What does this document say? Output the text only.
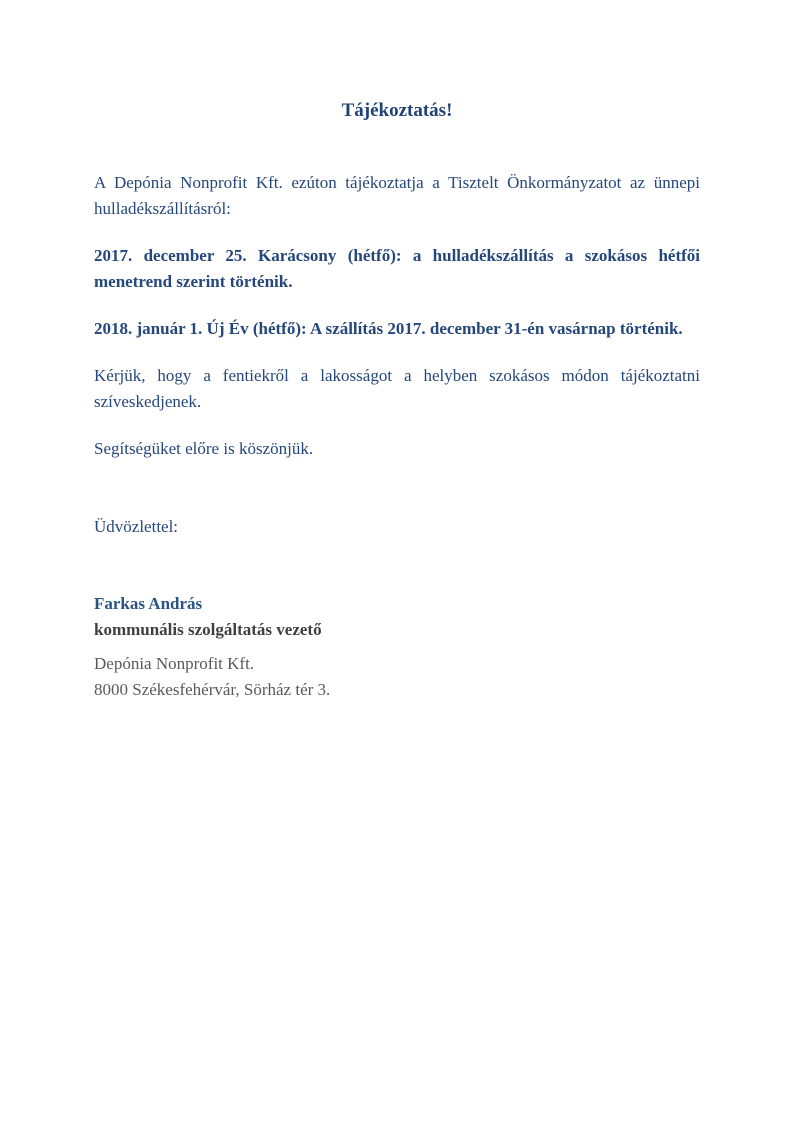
Tájékoztatás!

A Depónia Nonprofit Kft. ezúton tájékoztatja a Tisztelt Önkormányzatot az ünnepi hulladékszállításról:

2017. december 25. Karácsony (hétfő): a hulladékszállítás a szokásos hétfői menetrend szerint történik.

2018. január 1. Új Év (hétfő): A szállítás 2017. december 31-én vasárnap történik.

Kérjük, hogy a fentiekről a lakosságot a helyben szokásos módon tájékoztatni szíveskedjenek.

Segítségüket előre is köszönjük.

Üdvözlettel:

Farkas András

kommunális szolgáltatás vezető

Depónia Nonprofit Kft.

8000 Székesfehérvár, Sörház tér 3.
